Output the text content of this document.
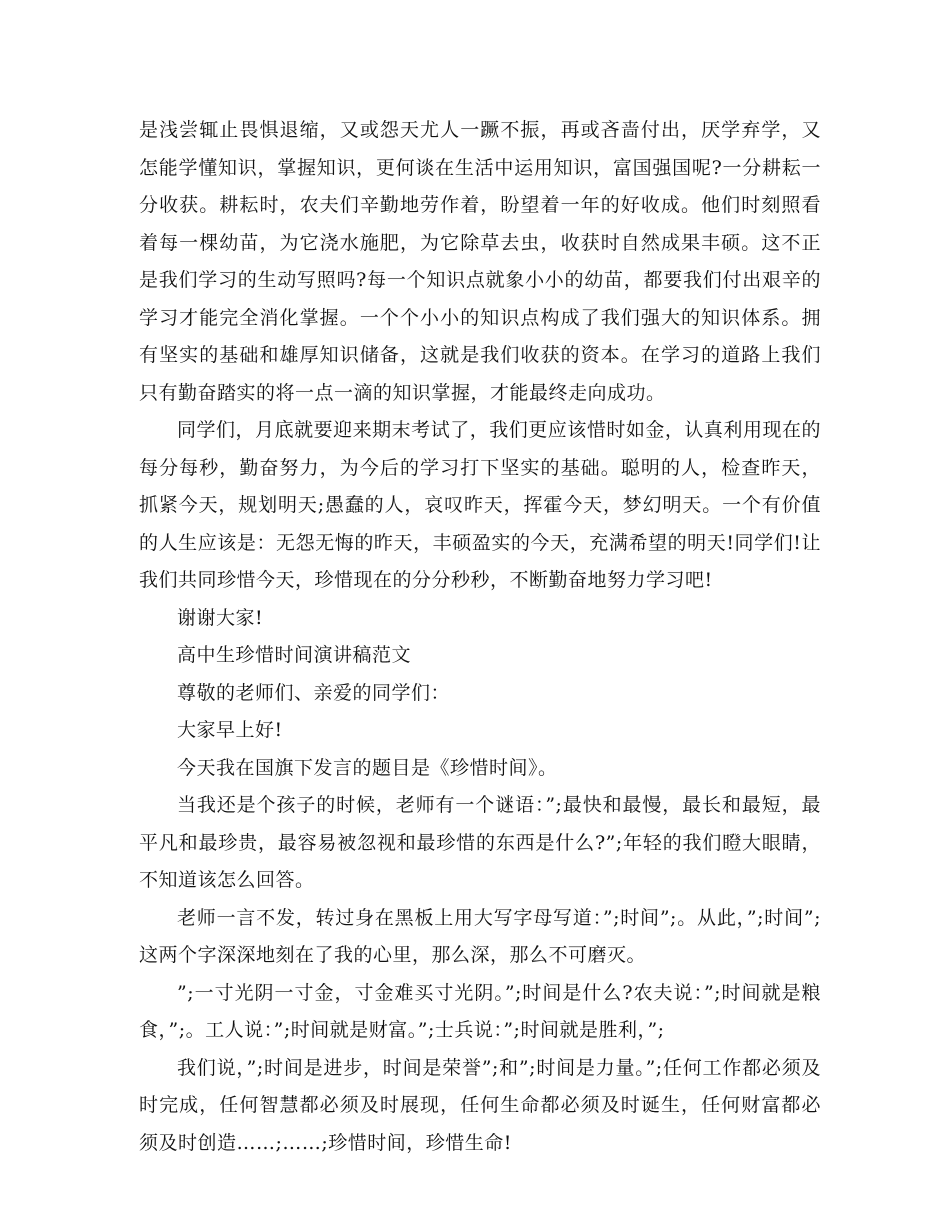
是浅尝辄止畏惧退缩，又或怨天尤人一蹶不振，再或吝啬付出，厌学弃学，又怎能学懂知识，掌握知识，更何谈在生活中运用知识，富国强国呢?一分耕耘一分收获。耕耘时，农夫们辛勤地劳作着，盼望着一年的好收成。他们时刻照看着每一棵幼苗，为它浇水施肥，为它除草去虫，收获时自然成果丰硕。这不正是我们学习的生动写照吗?每一个知识点就象小小的幼苗，都要我们付出艰辛的学习才能完全消化掌握。一个个小小的知识点构成了我们强大的知识体系。拥有坚实的基础和雄厚知识储备，这就是我们收获的资本。在学习的道路上我们只有勤奋踏实的将一点一滴的知识掌握，才能最终走向成功。

同学们，月底就要迎来期末考试了，我们更应该惜时如金，认真利用现在的每分每秒，勤奋努力，为今后的学习打下坚实的基础。聪明的人，检查昨天，抓紧今天，规划明天;愚蠢的人，哀叹昨天，挥霍今天，梦幻明天。一个有价值的人生应该是：无怨无悔的昨天，丰硕盈实的今天，充满希望的明天!同学们!让我们共同珍惜今天，珍惜现在的分分秒秒，不断勤奋地努力学习吧!

谢谢大家!

高中生珍惜时间演讲稿范文

尊敬的老师们、亲爱的同学们：

大家早上好!

今天我在国旗下发言的题目是《珍惜时间》。

当我还是个孩子的时候，老师有一个谜语：”;最快和最慢，最长和最短，最平凡和最珍贵，最容易被忽视和最珍惜的东西是什么?”;年轻的我们瞪大眼睛，不知道该怎么回答。

老师一言不发，转过身在黑板上用大写字母写道：”;时间”;。从此，”;时间”;这两个字深深地刻在了我的心里，那么深，那么不可磨灭。

”;一寸光阴一寸金，寸金难买寸光阴。”;时间是什么?农夫说：”;时间就是粮食，”;。工人说：”;时间就是财富。”;士兵说：”;时间就是胜利，”;

我们说，”;时间是进步，时间是荣誉”;和”;时间是力量。”;任何工作都必须及时完成，任何智慧都必须及时展现，任何生命都必须及时诞生，任何财富都必须及时创造……;……;珍惜时间，珍惜生命!
